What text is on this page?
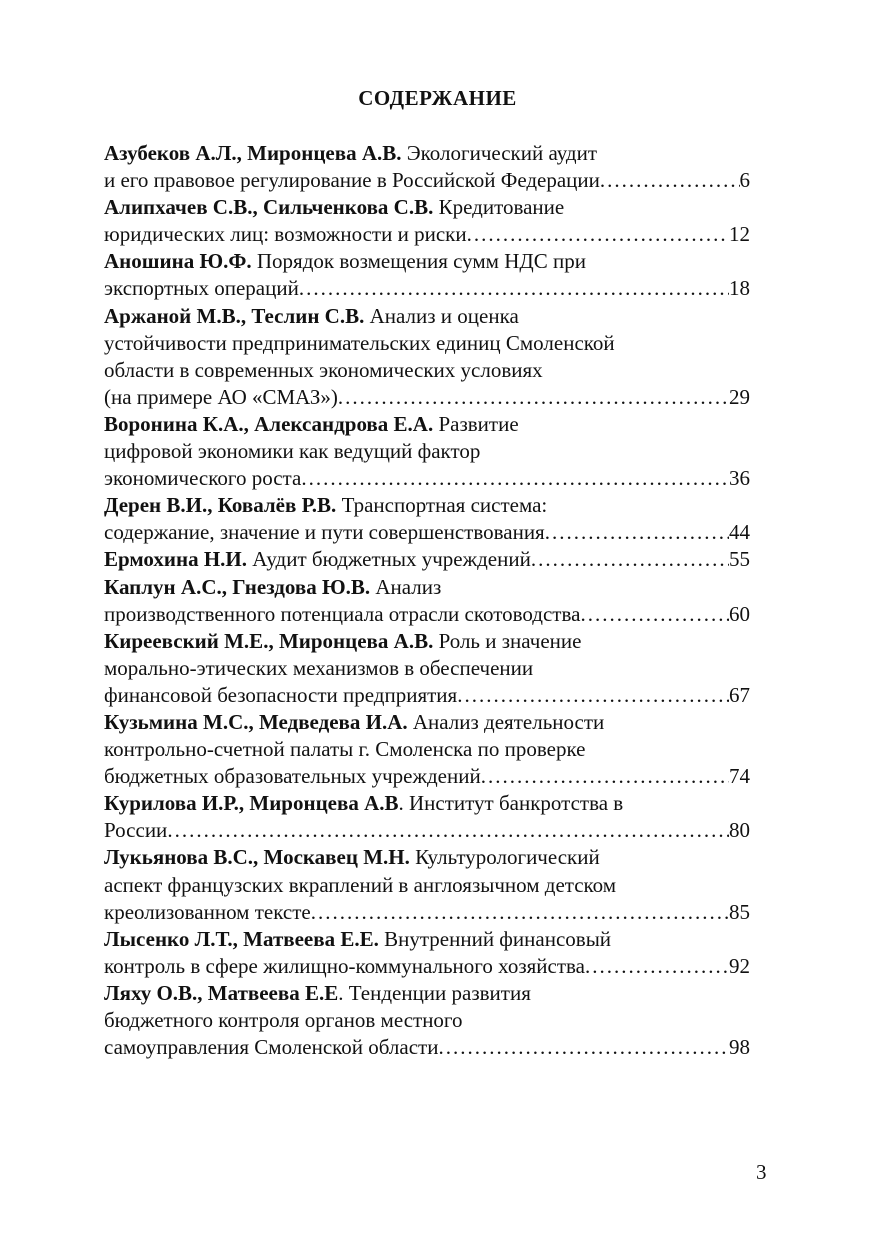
СОДЕРЖАНИЕ
Азубеков А.Л., Миронцева А.В. Экологический аудит
и его правовое регулирование в Российской Федерации .....	6
Алипхачев С.В., Сильченкова С.В. Кредитование
юридических лиц: возможности и риски .....	12
Аношина Ю.Ф. Порядок возмещения сумм НДС при
экспортных операций .....	18
Аржаной М.В., Теслин С.В. Анализ и оценка
устойчивости предпринимательских единиц Смоленской
области в современных экономических условиях
(на примере АО «СМАЗ») .....	29
Воронина К.А., Александрова Е.А. Развитие
цифровой экономики как ведущий фактор
экономического роста .....	36
Дерен В.И., Ковалёв Р.В. Транспортная система:
содержание, значение и пути совершенствования .....	44
Ермохина Н.И. Аудит бюджетных учреждений .....	55
Каплун А.С., Гнездова Ю.В. Анализ
производственного потенциала отрасли скотоводства .....	60
Киреевский М.Е., Миронцева А.В. Роль и значение
морально-этических механизмов в обеспечении
финансовой безопасности предприятия .....	67
Кузьмина М.С., Медведева И.А. Анализ деятельности
контрольно-счетной палаты г. Смоленска по проверке
бюджетных образовательных учреждений .....	74
Курилова И.Р., Миронцева А.В. Институт банкротства в
России .....	80
Лукьянова В.С., Москавец М.Н. Культурологический
аспект французских вкраплений в англоязычном детском
креолизованном тексте .....	85
Лысенко Л.Т., Матвеева Е.Е. Внутренний финансовый
контроль в сфере жилищно-коммунального хозяйства .....	92
Ляху О.В., Матвеева Е.Е. Тенденции развития
бюджетного контроля органов местного
самоуправления Смоленской области .....	98
3
